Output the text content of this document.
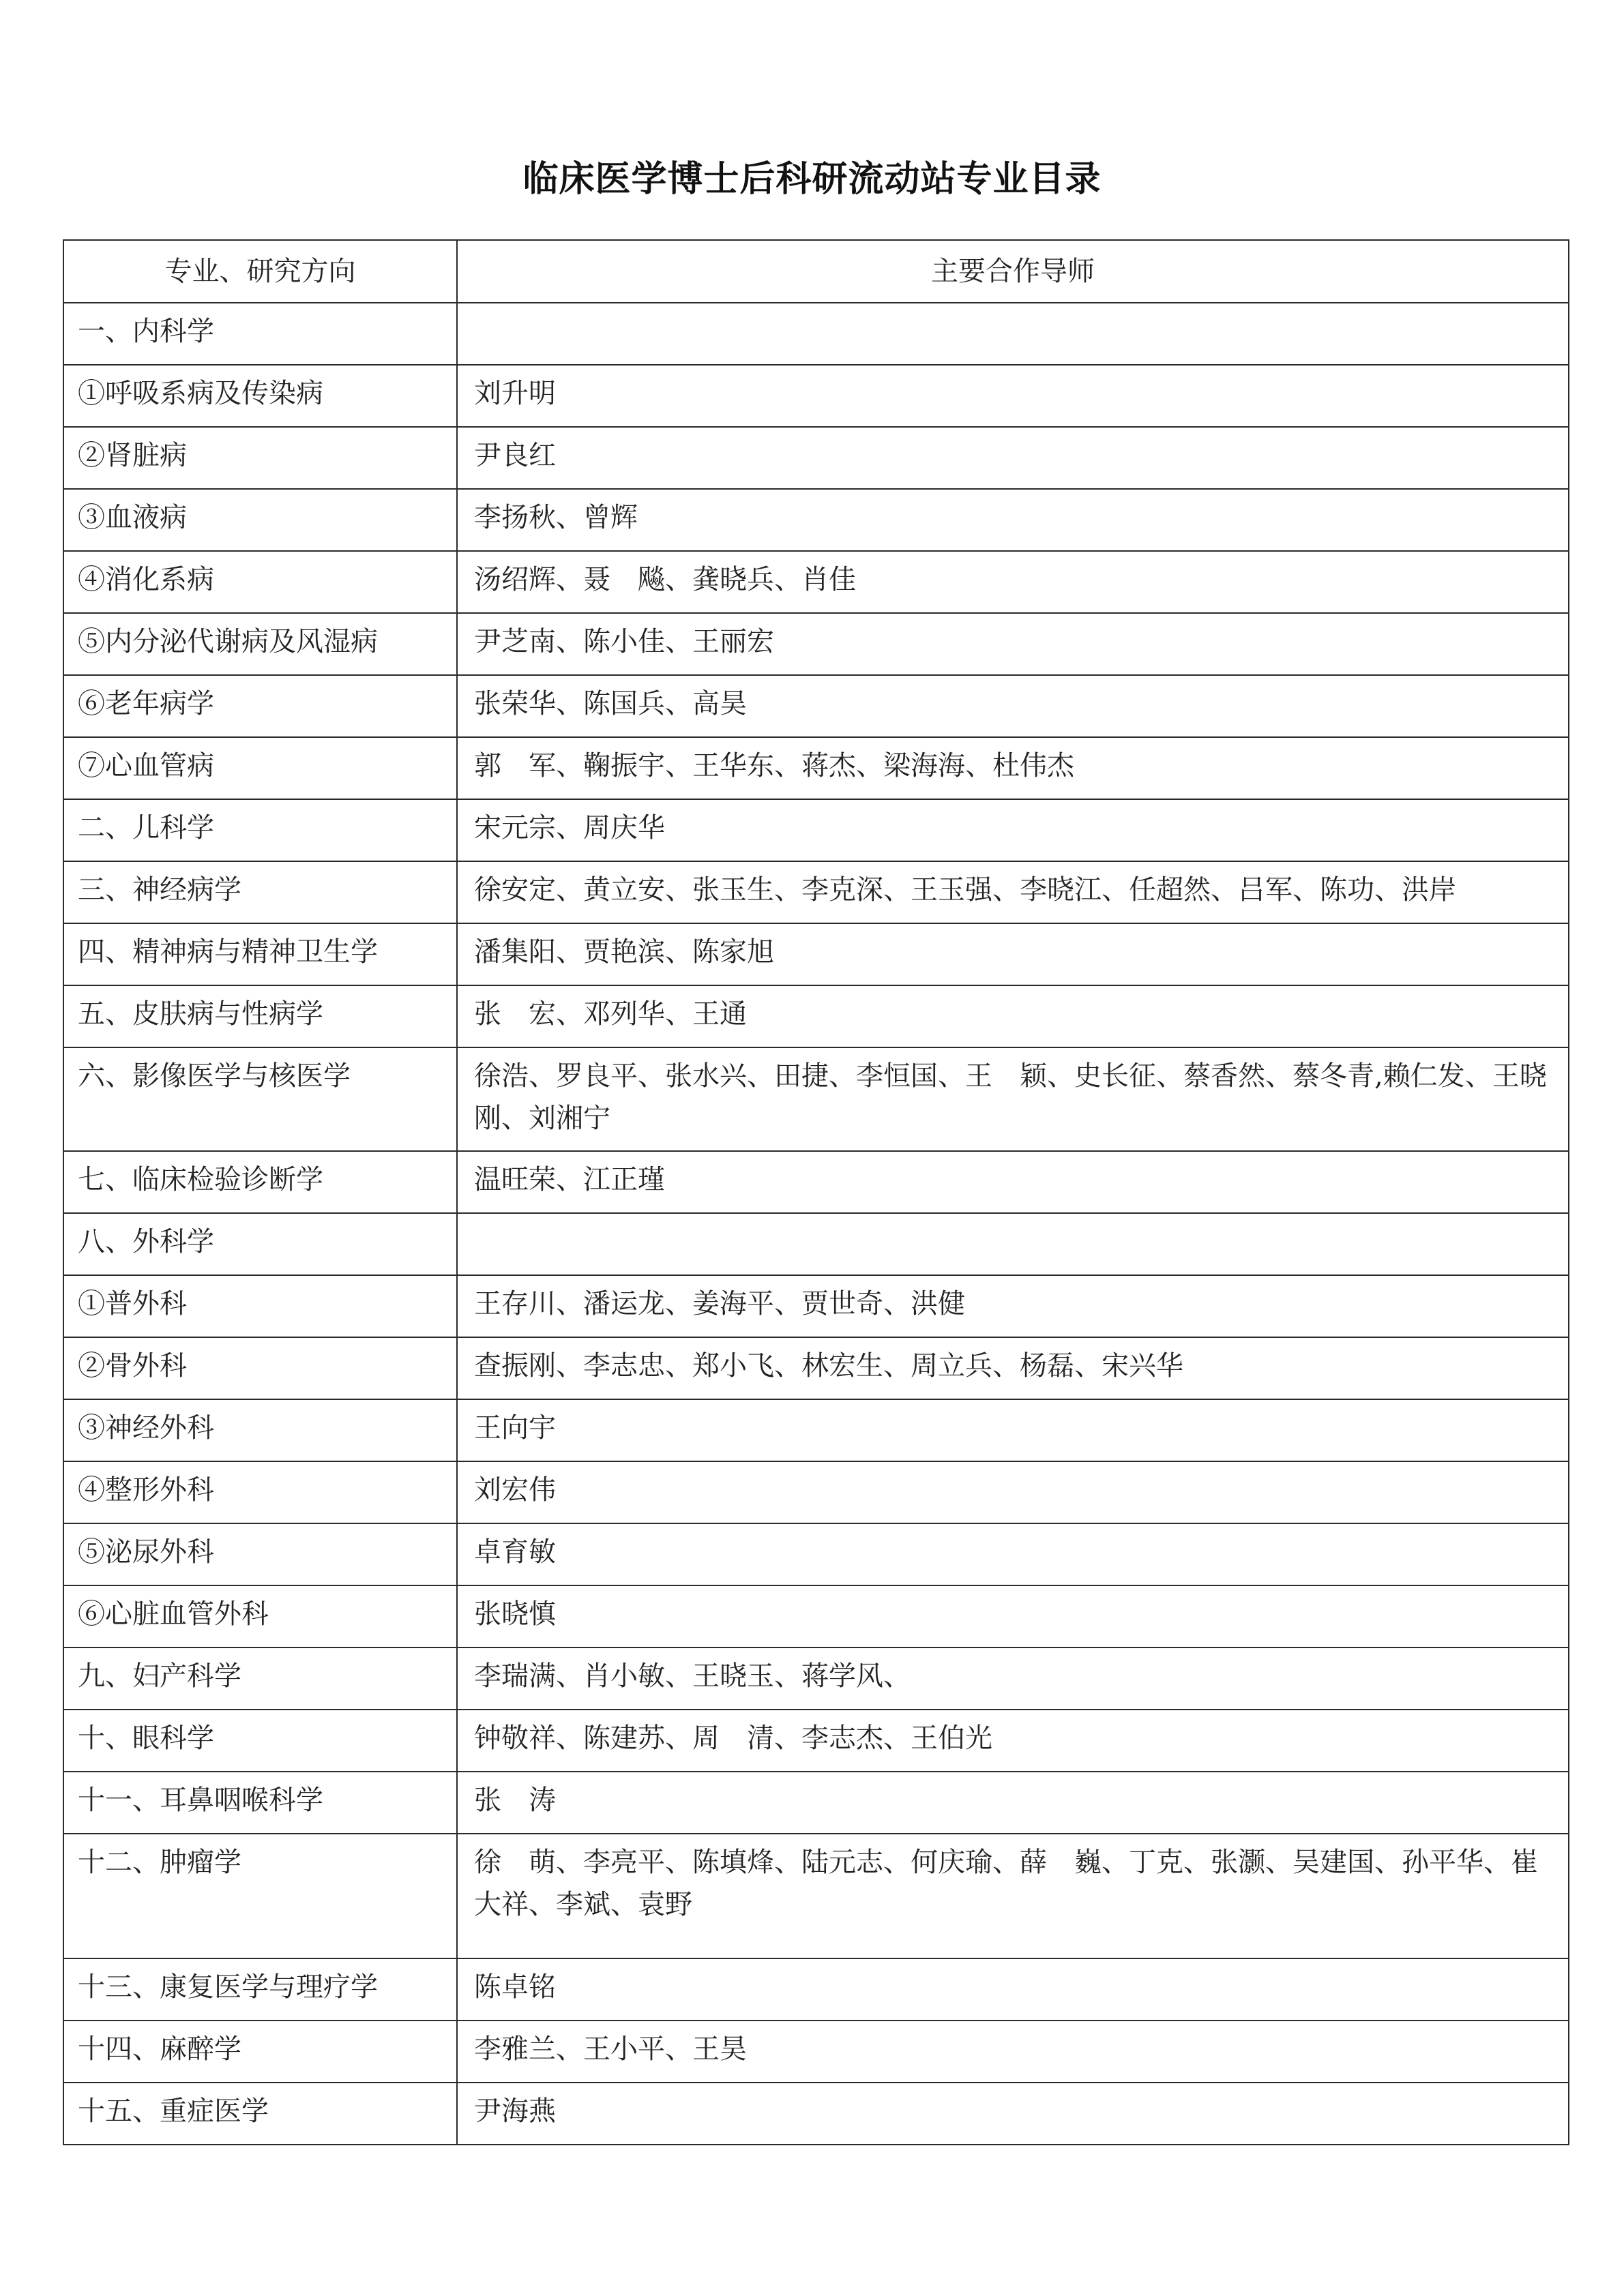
临床医学博士后科研流动站专业目录
专业、研究方向	主要合作导师
一、内科学	
①呼吸系病及传染病	刘升明
②肾脏病	尹良红
③血液病	李扬秋、曾辉
④消化系病	汤绍辉、聂　飚、龚晓兵、肖佳
⑤内分泌代谢病及风湿病	尹芝南、陈小佳、王丽宏
⑥老年病学	张荣华、陈国兵、高昊
⑦心血管病	郭　军、鞠振宇、王华东、蒋杰、梁海海、杜伟杰
二、儿科学	宋元宗、周庆华
三、神经病学	徐安定、黄立安、张玉生、李克深、王玉强、李晓江、任超然、吕军、陈功、洪岸
四、精神病与精神卫生学	潘集阳、贾艳滨、陈家旭
五、皮肤病与性病学	张　宏、邓列华、王通
六、影像医学与核医学	徐浩、罗良平、张水兴、田捷、李恒国、王　颖、史长征、蔡香然、蔡冬青,赖仁发、王晓刚、刘湘宁
七、临床检验诊断学	温旺荣、江正瑾
八、外科学	
①普外科	王存川、潘运龙、姜海平、贾世奇、洪健
②骨外科	查振刚、李志忠、郑小飞、林宏生、周立兵、杨磊、宋兴华
③神经外科	王向宇
④整形外科	刘宏伟
⑤泌尿外科	卓育敏
⑥心脏血管外科	张晓慎
九、妇产科学	李瑞满、肖小敏、王晓玉、蒋学风、
十、眼科学	钟敬祥、陈建苏、周　清、李志杰、王伯光
十一、耳鼻咽喉科学	张　涛
十二、肿瘤学	徐　萌、李亮平、陈填烽、陆元志、何庆瑜、薛　巍、丁克、张灏、吴建国、孙平华、崔大祥、李斌、袁野
十三、康复医学与理疗学	陈卓铭
十四、麻醉学	李雅兰、王小平、王昊
十五、重症医学	尹海燕
